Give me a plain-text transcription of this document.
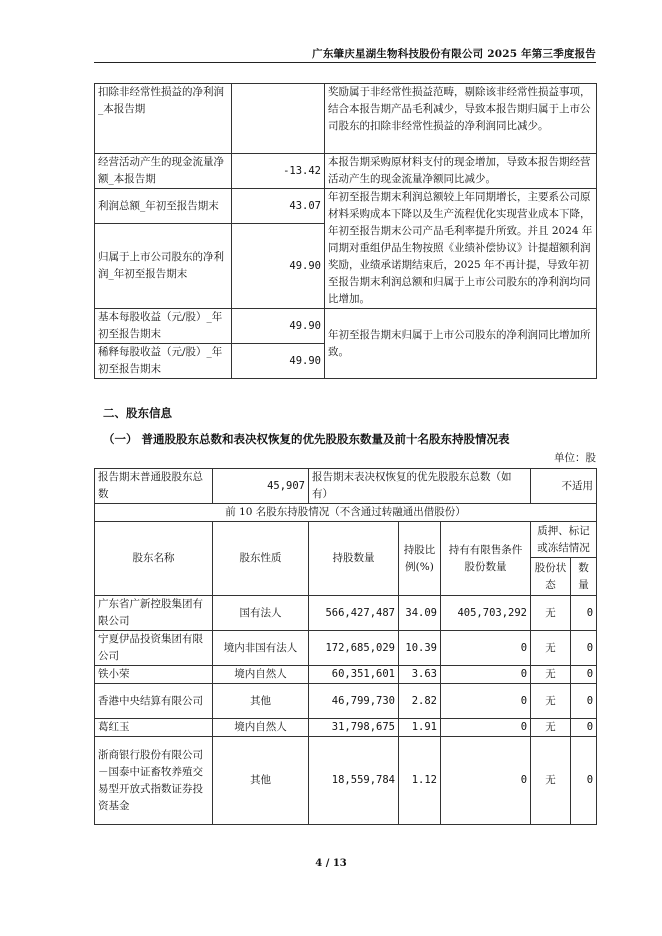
广东肇庆星湖生物科技股份有限公司 2025 年第三季度报告
扣除非经常性损益的净利润_本报告期		奖励属于非经常性损益范畴，剔除该非经常性损益事项，结合本报告期产品毛利减少，导致本报告期归属于上市公司股东的扣除非经常性损益的净利润同比减少。
经营活动产生的现金流量净额_本报告期	-13.42	本报告期采购原材料支付的现金增加，导致本报告期经营活动产生的现金流量净额同比减少。
利润总额_年初至报告期末	43.07	年初至报告期末利润总额较上年同期增长，主要系公司原材料采购成本下降以及生产流程优化实现营业成本下降，年初至报告期末公司产品毛利率提升所致。并且 2024 年同期对重组伊品生物按照《业绩补偿协议》计提超额利润奖励，业绩承诺期结束后，2025 年不再计提，导致年初至报告期末利润总额和归属于上市公司股东的净利润均同比增加。
归属于上市公司股东的净利润_年初至报告期末	49.90	
基本每股收益（元/股）_年初至报告期末	49.90	年初至报告期末归属于上市公司股东的净利润同比增加所致。
稀释每股收益（元/股）_年初至报告期末	49.90	
二、股东信息
（一） 普通股股东总数和表决权恢复的优先股股东数量及前十名股东持股情况表
单位：股
报告期末普通股股东总数	45,907	报告期末表决权恢复的优先股股东总数（如有）			不适用	
前 10 名股东持股情况（不含通过转融通出借股份）						
股东名称	股东性质	持股数量	持股比例(%)	持有有限售条件股份数量	质押、标记或冻结情况	
					股份状态	数量
广东省广新控股集团有限公司	国有法人	566,427,487	34.09	405,703,292	无	0
宁夏伊品投资集团有限公司	境内非国有法人	172,685,029	10.39	0	无	0
铁小荣	境内自然人	60,351,601	3.63	0	无	0
香港中央结算有限公司	其他	46,799,730	2.82	0	无	0
葛红玉	境内自然人	31,798,675	1.91	0	无	0
浙商银行股份有限公司－国泰中证畜牧养殖交易型开放式指数证券投资基金	其他	18,559,784	1.12	0	无	0
4 / 13
